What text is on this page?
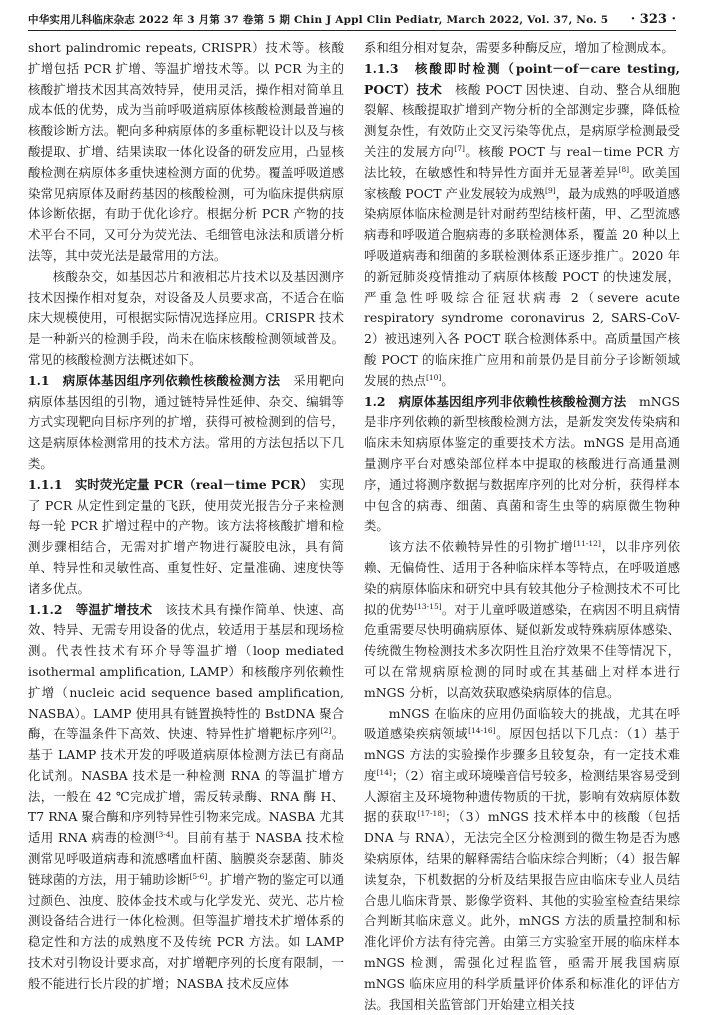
中华实用儿科临床杂志 2022 年 3 月第 37 卷第 5 期 Chin J Appl Clin Pediatr, March 2022, Vol. 37, No. 5 · 323 ·

short palindromic repeats, CRISPR）技术等。核酸扩增包括 PCR 扩增、等温扩增技术等。以 PCR 为主的核酸扩增技术因其高效特异，使用灵活，操作相对简单且成本低的优势，成为当前呼吸道病原体核酸检测最普遍的核酸诊断方法。靶向多种病原体的多重标靶设计以及与核酸提取、扩增、结果读取一体化设备的研发应用，凸显核酸检测在病原体多重快速检测方面的优势。覆盖呼吸道感染常见病原体及耐药基因的核酸检测，可为临床提供病原体诊断依据，有助于优化诊疗。根据分析 PCR 产物的技术平台不同，又可分为荧光法、毛细管电泳法和质谱分析法等，其中荧光法是最常用的方法。

核酸杂交，如基因芯片和液相芯片技术以及基因测序技术因操作相对复杂，对设备及人员要求高，不适合在临床大规模使用，可根据实际情况选择应用。CRISPR 技术是一种新兴的检测手段，尚未在临床核酸检测领域普及。常见的核酸检测方法概述如下。

1.1　病原体基因组序列依赖性核酸检测方法　 采用靶向病原体基因组的引物，通过链特异性延伸、杂交、编辑等方式实现靶向目标序列的扩增，获得可被检测到的信号，这是病原体检测常用的技术方法。常用的方法包括以下几类。

1.1.1　实时荧光定量 PCR（real－time PCR）　 实现了 PCR 从定性到定量的飞跃，使用荧光报告分子来检测每一轮 PCR 扩增过程中的产物。该方法将核酸扩增和检测步骤相结合，无需对扩增产物进行凝胶电泳，具有简单、特异性和灵敏性高、重复性好、定量准确、速度快等诸多优点。

1.1.2　等温扩增技术　 该技术具有操作简单、快速、高效、特异、无需专用设备的优点，较适用于基层和现场检测。代表性技术有环介导等温扩增（loop mediated isothermal amplification, LAMP）和核酸序列依赖性扩增（nucleic acid sequence based amplification, NASBA）。LAMP 使用具有链置换特性的 BstDNA 聚合酶，在等温条件下高效、快速、特异性扩增靶标序列[2]。基于 LAMP 技术开发的呼吸道病原体检测方法已有商品化试剂。NASBA 技术是一种检测 RNA 的等温扩增方法，一般在 42 ℃完成扩增，需反转录酶、RNA 酶 H、T7 RNA 聚合酶和序列特异性引物来完成。NASBA 尤其适用 RNA 病毒的检测[3-4]。目前有基于 NASBA 技术检测常见呼吸道病毒和流感嗜血杆菌、脑膜炎奈瑟菌、肺炎链球菌的方法，用于辅助诊断[5-6]。扩增产物的鉴定可以通过颜色、浊度、胶体金技术或与化学发光、荧光、芯片检测设备结合进行一体化检测。但等温扩增技术扩增体系的稳定性和方法的成熟度不及传统 PCR 方法。如 LAMP 技术对引物设计要求高，对扩增靶序列的长度有限制，一般不能进行长片段的扩增；NASBA 技术反应体

系和组分相对复杂，需要多种酶反应，增加了检测成本。

1.1.3　核酸即时检测（point－of－care testing, POCT）技术　 核酸 POCT 因快速、自动、整合从细胞裂解、核酸提取扩增到产物分析的全部测定步骤，降低检测复杂性，有效防止交叉污染等优点，是病原学检测最受关注的发展方向[7]。核酸 POCT 与 real－time PCR 方法比较，在敏感性和特异性方面并无显著差异[8]。欧美国家核酸 POCT 产业发展较为成熟[9]，最为成熟的呼吸道感染病原体临床检测是针对耐药型结核杆菌，甲、乙型流感病毒和呼吸道合胞病毒的多联检测体系，覆盖 20 种以上呼吸道病毒和细菌的多联检测体系正逐步推广。2020 年的新冠肺炎疫情推动了病原体核酸 POCT 的快速发展，严重急性呼吸综合征冠状病毒 2（severe acute respiratory syndrome coronavirus 2, SARS-CoV-2）被迅速列入各 POCT 联合检测体系中。高质量国产核酸 POCT 的临床推广应用和前景仍是目前分子诊断领域发展的热点[10]。

1.2　病原体基因组序列非依赖性核酸检测方法　 mNGS 是非序列依赖的新型核酸检测方法，是新发突发传染病和临床未知病原体鉴定的重要技术方法。mNGS 是用高通量测序平台对感染部位样本中提取的核酸进行高通量测序，通过将测序数据与数据库序列的比对分析，获得样本中包含的病毒、细菌、真菌和寄生虫等的病原微生物种类。

该方法不依赖特异性的引物扩增[11-12]，以非序列依赖、无偏倚性、适用于各种临床样本等特点，在呼吸道感染的病原体临床和研究中具有较其他分子检测技术不可比拟的优势[13-15]。对于儿童呼吸道感染，在病因不明且病情危重需要尽快明确病原体、疑似新发或特殊病原体感染、传统微生物检测技术多次阴性且治疗效果不佳等情况下，可以在常规病原检测的同时或在其基础上对样本进行 mNGS 分析，以高效获取感染病原体的信息。

mNGS 在临床的应用仍面临较大的挑战，尤其在呼吸道感染疾病领域[14-16]。原因包括以下几点：（1）基于 mNGS 方法的实验操作步骤多且较复杂，有一定技术难度[14]；（2）宿主或环境噪音信号较多，检测结果容易受到人源宿主及环境物种遗传物质的干扰，影响有效病原体数据的获取[17-18]；（3）mNGS 技术样本中的核酸（包括 DNA 与 RNA），无法完全区分检测到的微生物是否为感染病原体，结果的解释需结合临床综合判断；（4）报告解读复杂，下机数据的分析及结果报告应由临床专业人员结合患儿临床背景、影像学资料、其他的实验室检查结果综合判断其临床意义。此外，mNGS 方法的质量控制和标准化评价方法有待完善。由第三方实验室开展的临床样本 mNGS 检测，需强化过程监管，亟需开展我国病原 mNGS 临床应用的科学质量评价体系和标准化的评估方法。我国相关监管部门开始建立相关技
